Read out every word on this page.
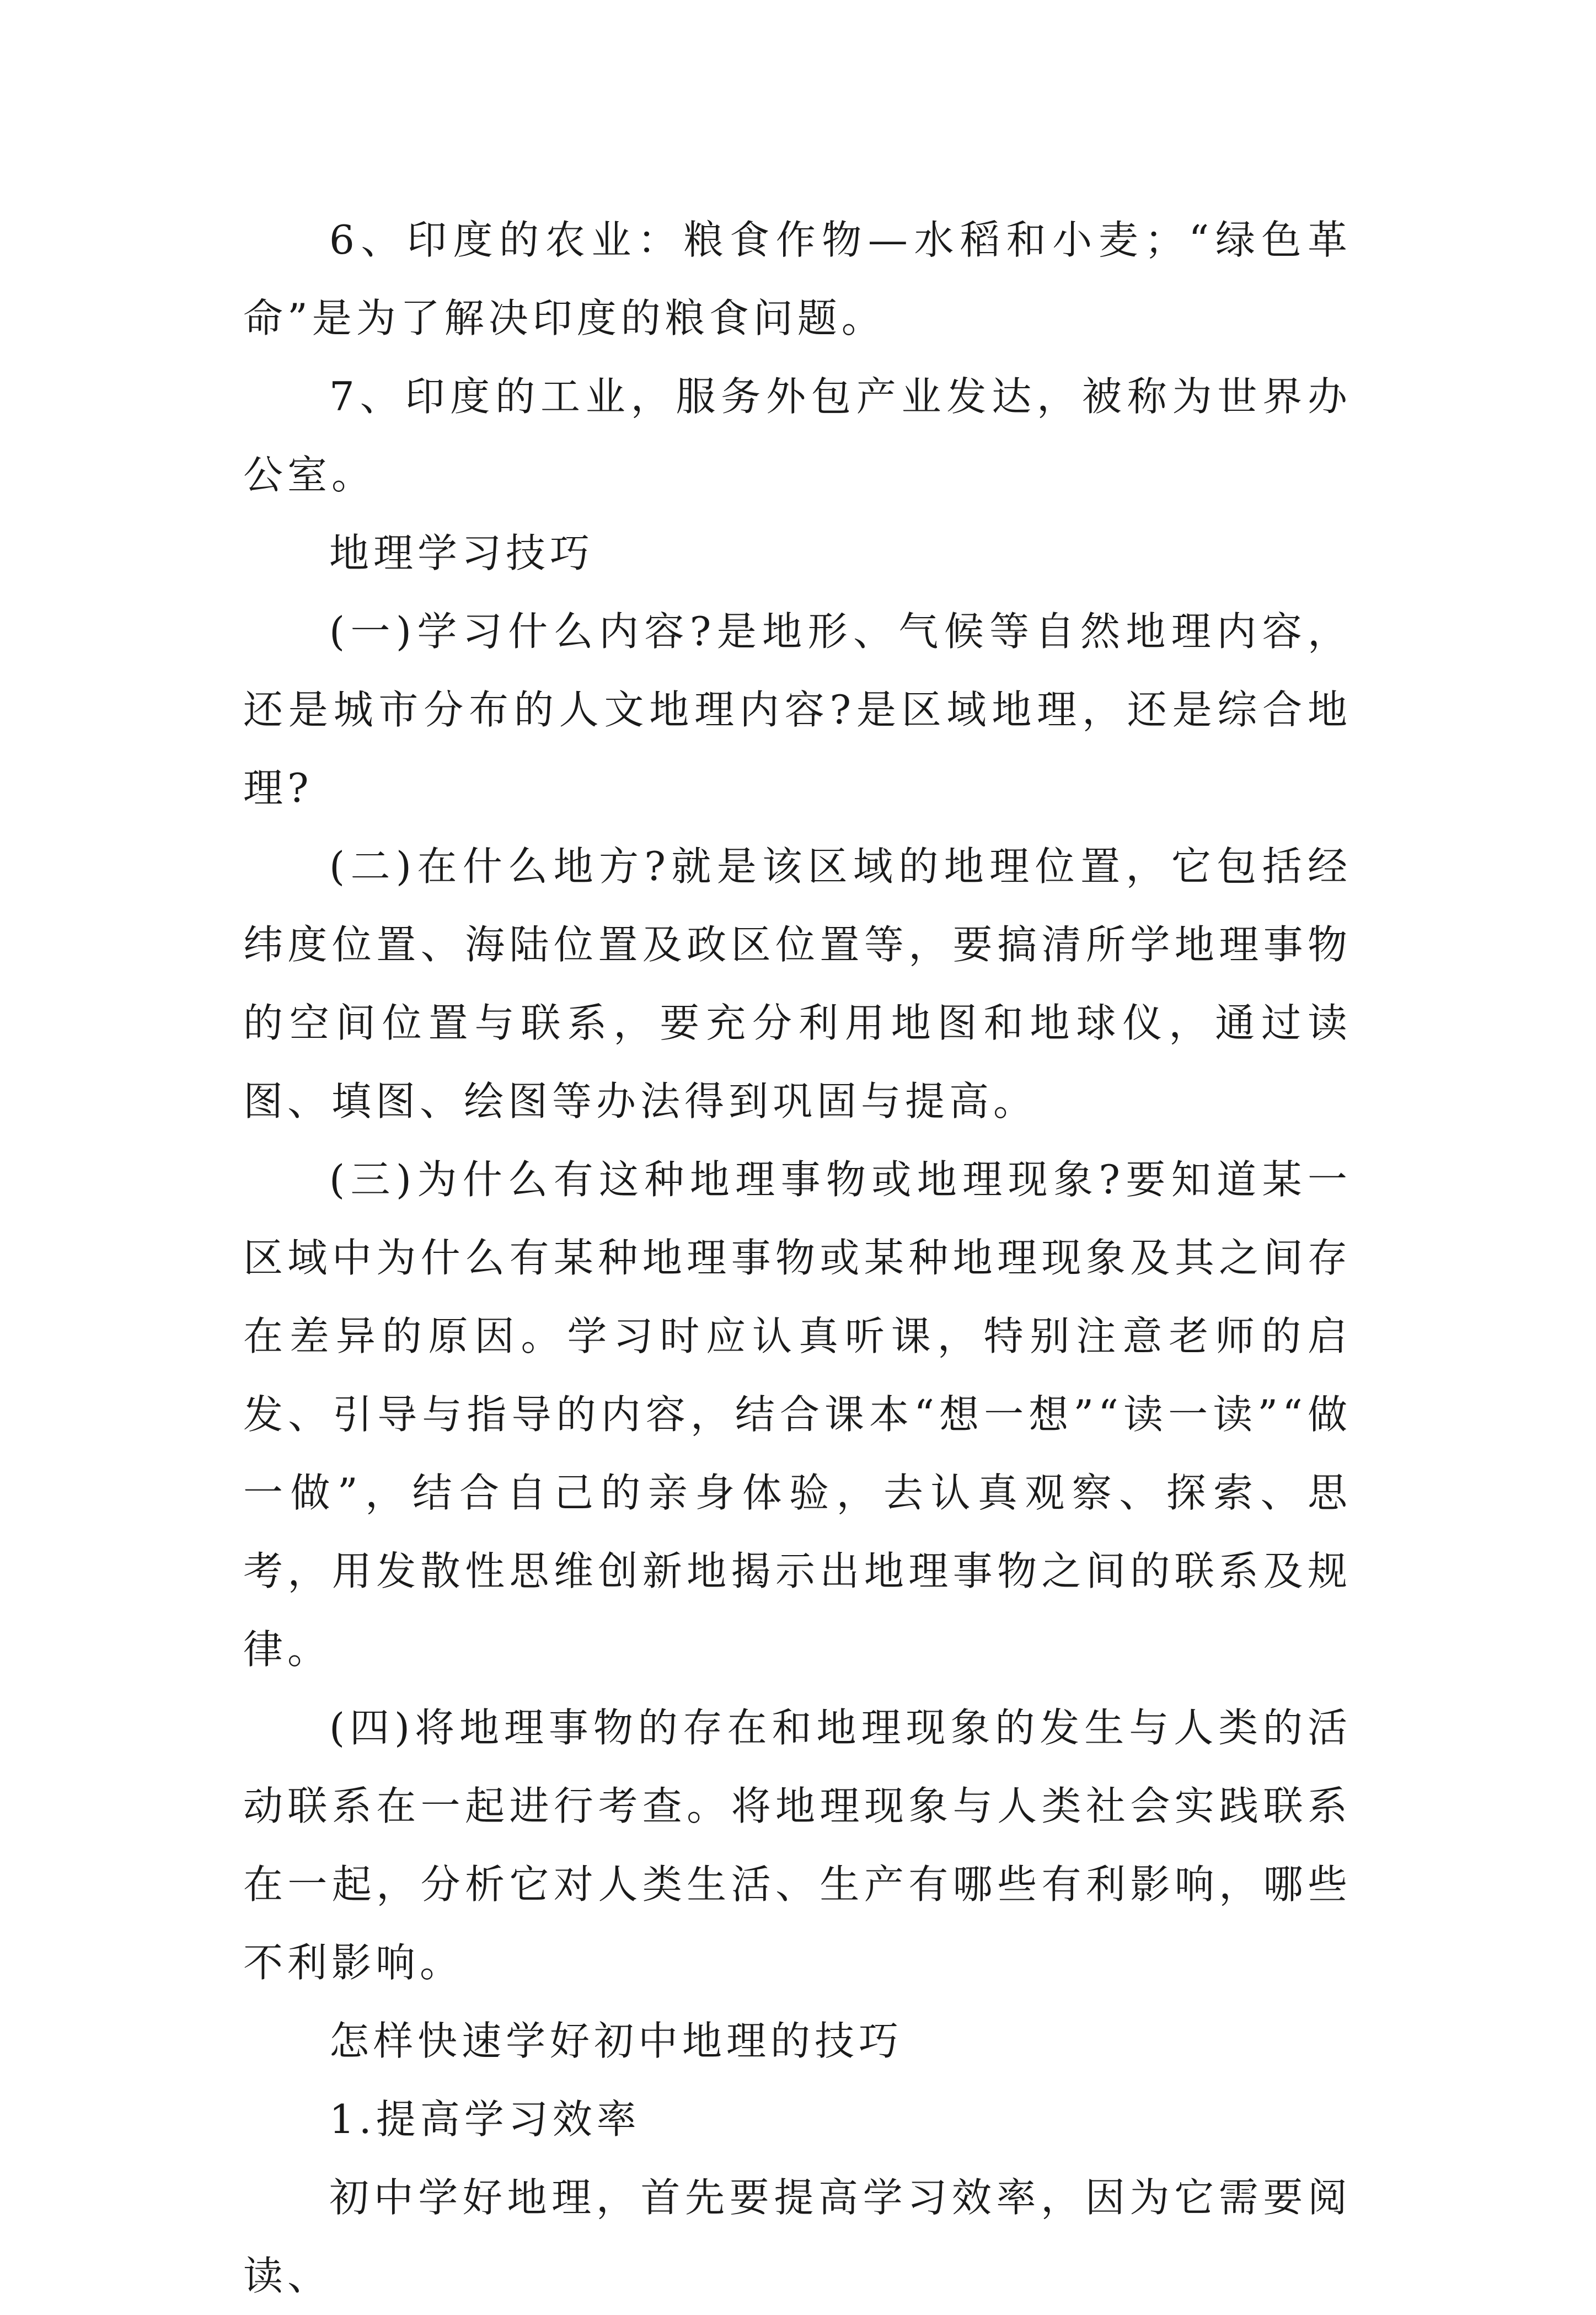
6、印度的农业：粮食作物—水稻和小麦；“绿色革命”是为了解决印度的粮食问题。

7、印度的工业，服务外包产业发达，被称为世界办公室。

地理学习技巧

(一)学习什么内容?是地形、气候等自然地理内容，还是城市分布的人文地理内容?是区域地理，还是综合地理?

(二)在什么地方?就是该区域的地理位置，它包括经纬度位置、海陆位置及政区位置等，要搞清所学地理事物的空间位置与联系，要充分利用地图和地球仪，通过读图、填图、绘图等办法得到巩固与提高。

(三)为什么有这种地理事物或地理现象?要知道某一区域中为什么有某种地理事物或某种地理现象及其之间存在差异的原因。学习时应认真听课，特别注意老师的启发、引导与指导的内容，结合课本“想一想”“读一读”“做一做”，结合自己的亲身体验，去认真观察、探索、思考，用发散性思维创新地揭示出地理事物之间的联系及规律。

(四)将地理事物的存在和地理现象的发生与人类的活动联系在一起进行考查。将地理现象与人类社会实践联系在一起，分析它对人类生活、生产有哪些有利影响，哪些不利影响。

怎样快速学好初中地理的技巧

1.提高学习效率

初中学好地理，首先要提高学习效率，因为它需要阅读、
